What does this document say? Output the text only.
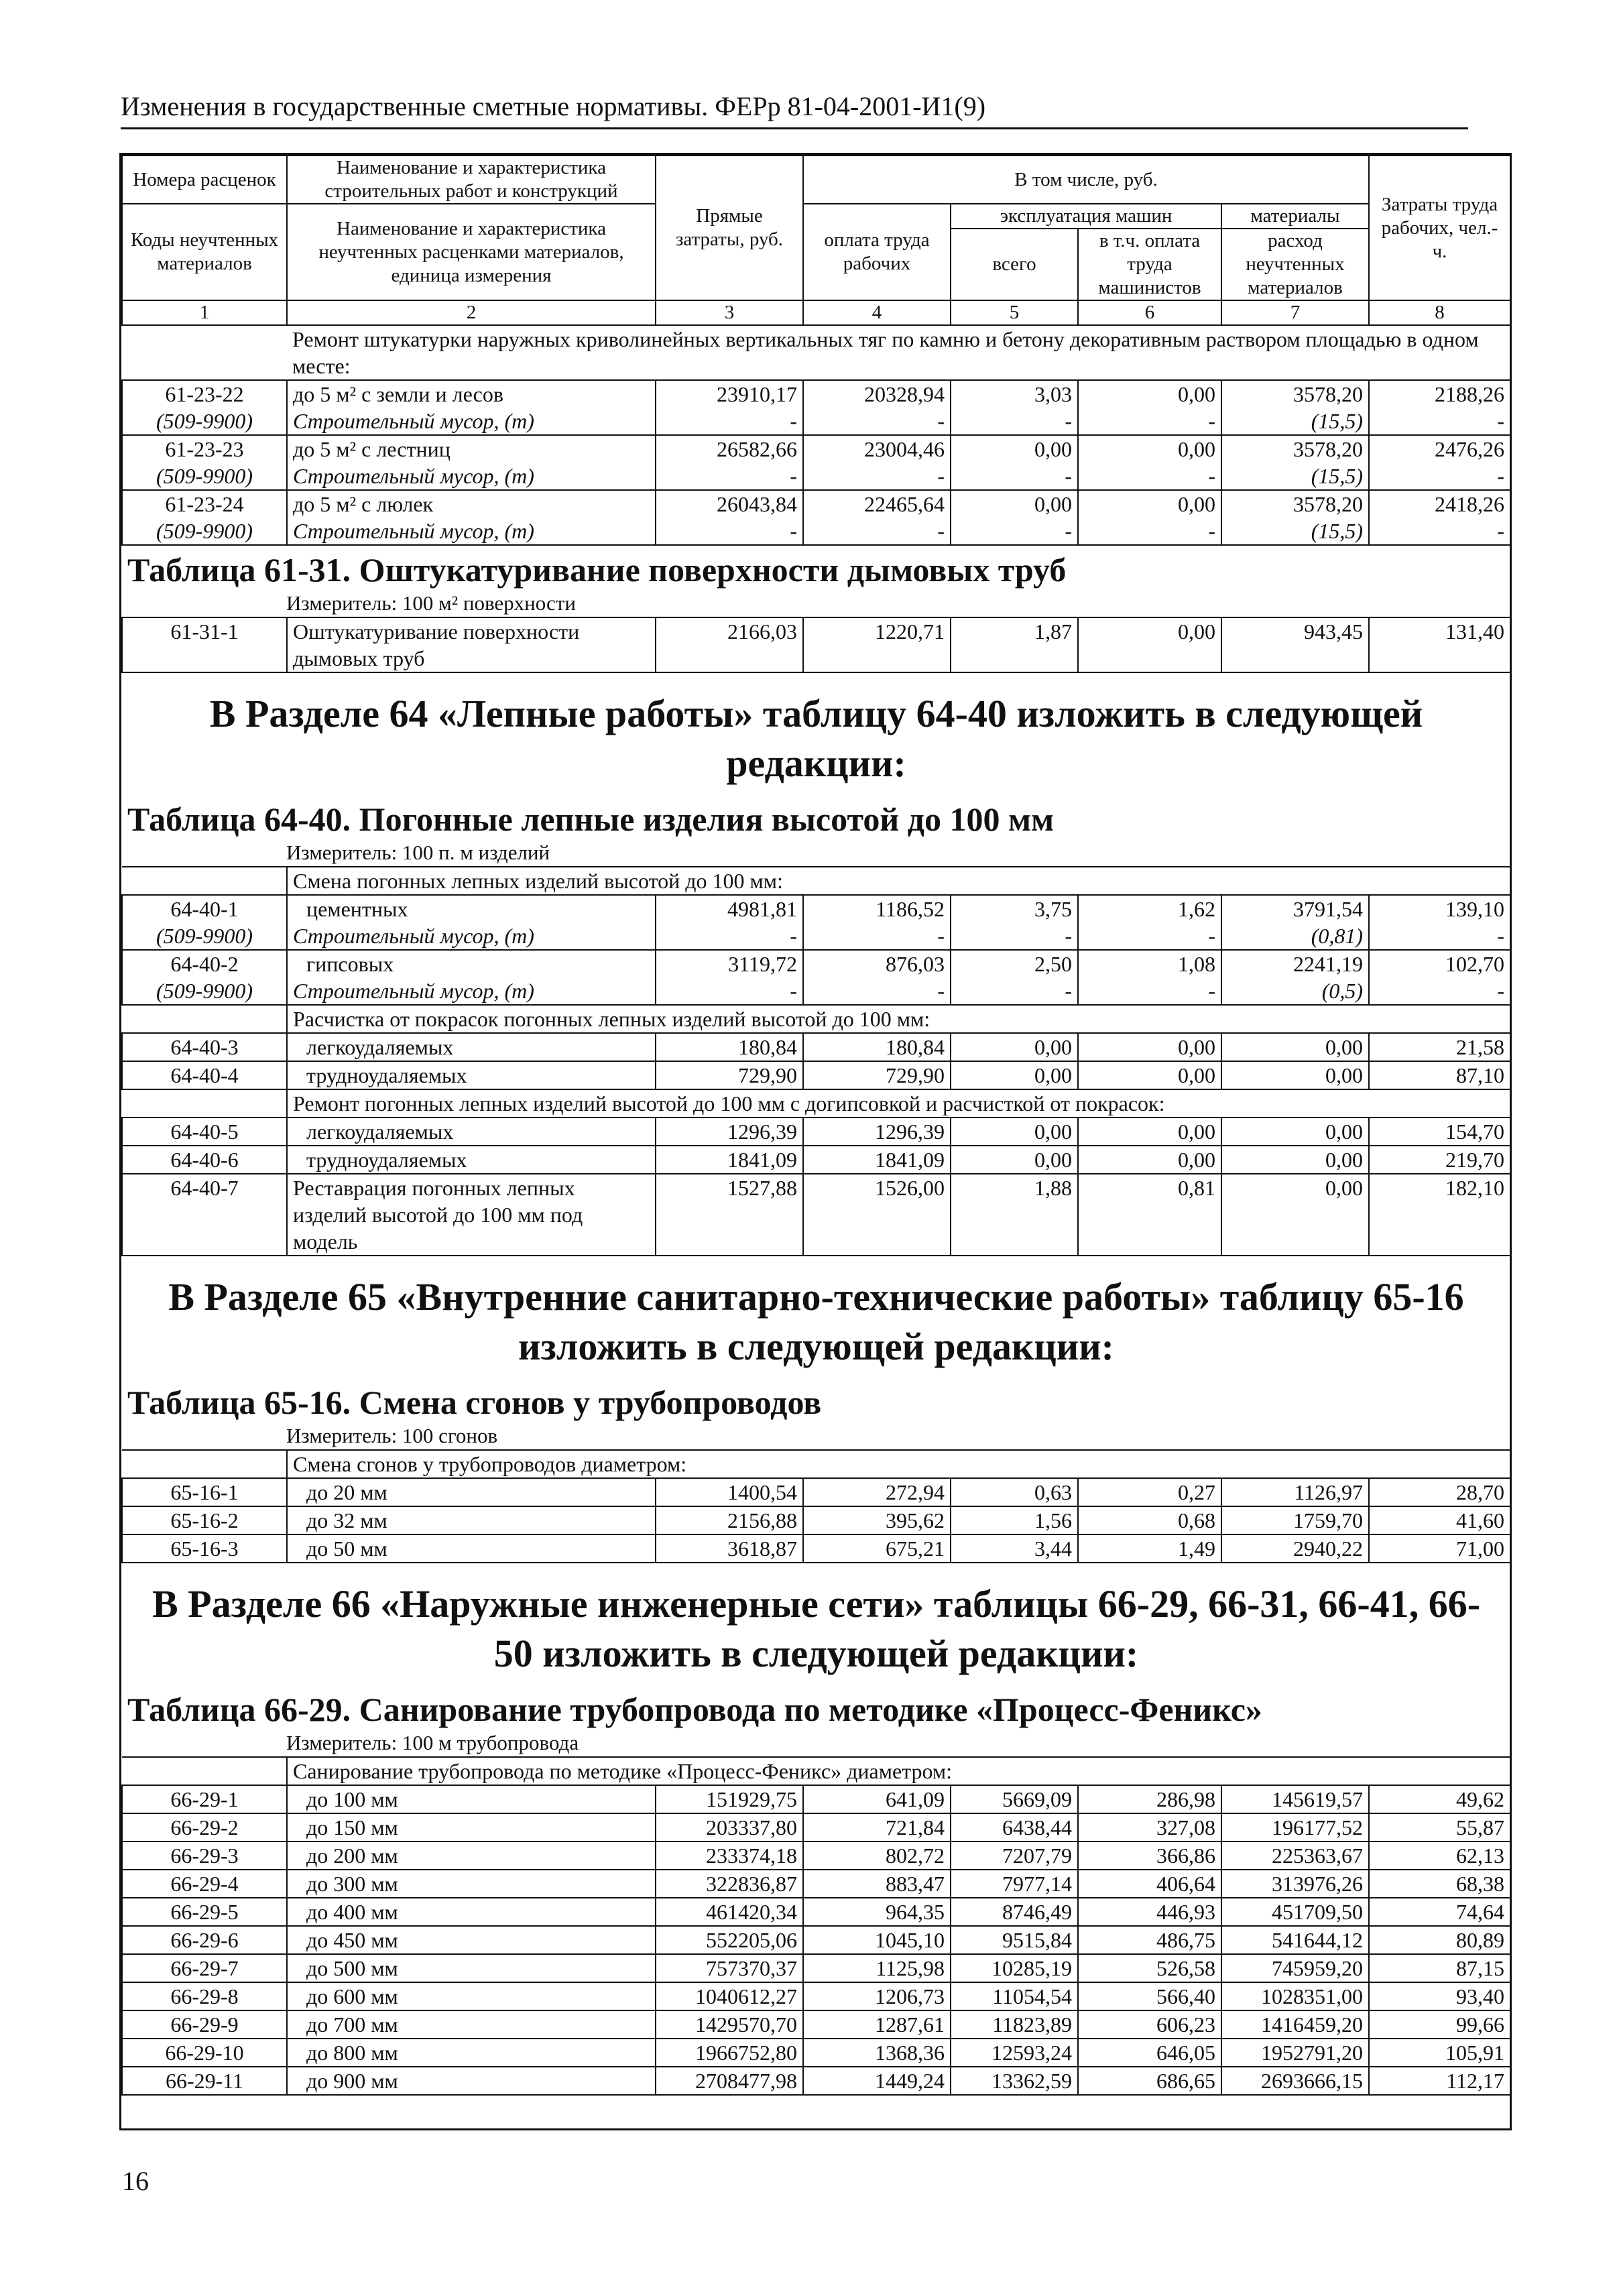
Изменения в государственные сметные нормативы. ФЕРр 81-04-2001-И1(9)
Номера расценок	Наименование и характеристика строительных работ и конструкций	Прямые затраты, руб.	В том числе, руб.				Затраты труда рабочих, чел.-ч.
Коды неучтенных материалов	Наименование и характеристика неучтенных расценками материалов, единица измерения		оплата труда рабочих	эксплуатация машин		материалы	
				всего	в т.ч. оплата труда машинистов	расход неучтенных материалов	
1	2	3	4	5	6	7	8
	Ремонт штукатурки наружных криволинейных вертикальных тяг по камню и бетону декоративным раствором площадью в одном месте:						
61-23-22	до 5 м² с земли и лесов	23910,17	20328,94	3,03	0,00	3578,20	2188,26
(509-9900)	Строительный мусор, (т)	-	-	-	-	(15,5)	-
61-23-23	до 5 м² с лестниц	26582,66	23004,46	0,00	0,00	3578,20	2476,26
(509-9900)	Строительный мусор, (т)	-	-	-	-	(15,5)	-
61-23-24	до 5 м² с люлек	26043,84	22465,64	0,00	0,00	3578,20	2418,26
(509-9900)	Строительный мусор, (т)	-	-	-	-	(15,5)	-
Таблица 61-31. Оштукатуривание поверхности дымовых труб							
Измеритель: 100 м² поверхности							
61-31-1	Оштукатуривание поверхности дымовых труб	2166,03	1220,71	1,87	0,00	943,45	131,40
В Разделе 64 «Лепные работы» таблицу 64-40 изложить в следующей редакции:							
Таблица 64-40. Погонные лепные изделия высотой до 100 мм							
Измеритель: 100 п. м изделий							
	Смена погонных лепных изделий высотой до 100 мм:						
64-40-1	цементных	4981,81	1186,52	3,75	1,62	3791,54	139,10
(509-9900)	Строительный мусор, (т)	-	-	-	-	(0,81)	-
64-40-2	гипсовых	3119,72	876,03	2,50	1,08	2241,19	102,70
(509-9900)	Строительный мусор, (т)	-	-	-	-	(0,5)	-
	Расчистка от покрасок погонных лепных изделий высотой до 100 мм:						
64-40-3	легкоудаляемых	180,84	180,84	0,00	0,00	0,00	21,58
64-40-4	трудноудаляемых	729,90	729,90	0,00	0,00	0,00	87,10
	Ремонт погонных лепных изделий высотой до 100 мм с догипсовкой и расчисткой от покрасок:						
64-40-5	легкоудаляемых	1296,39	1296,39	0,00	0,00	0,00	154,70
64-40-6	трудноудаляемых	1841,09	1841,09	0,00	0,00	0,00	219,70
64-40-7	Реставрация погонных лепных изделий высотой до 100 мм под модель	1527,88	1526,00	1,88	0,81	0,00	182,10
В Разделе 65 «Внутренние санитарно-технические работы» таблицу 65-16 изложить в следующей редакции:							
Таблица 65-16. Смена сгонов у трубопроводов							
Измеритель: 100 сгонов							
	Смена сгонов у трубопроводов диаметром:						
65-16-1	до 20 мм	1400,54	272,94	0,63	0,27	1126,97	28,70
65-16-2	до 32 мм	2156,88	395,62	1,56	0,68	1759,70	41,60
65-16-3	до 50 мм	3618,87	675,21	3,44	1,49	2940,22	71,00
В Разделе 66 «Наружные инженерные сети» таблицы 66-29, 66-31, 66-41, 66-50 изложить в следующей редакции:							
Таблица 66-29. Санирование трубопровода по методике «Процесс-Феникс»							
Измеритель: 100 м трубопровода							
	Санирование трубопровода по методике «Процесс-Феникс» диаметром:						
66-29-1	до 100 мм	151929,75	641,09	5669,09	286,98	145619,57	49,62
66-29-2	до 150 мм	203337,80	721,84	6438,44	327,08	196177,52	55,87
66-29-3	до 200 мм	233374,18	802,72	7207,79	366,86	225363,67	62,13
66-29-4	до 300 мм	322836,87	883,47	7977,14	406,64	313976,26	68,38
66-29-5	до 400 мм	461420,34	964,35	8746,49	446,93	451709,50	74,64
66-29-6	до 450 мм	552205,06	1045,10	9515,84	486,75	541644,12	80,89
66-29-7	до 500 мм	757370,37	1125,98	10285,19	526,58	745959,20	87,15
66-29-8	до 600 мм	1040612,27	1206,73	11054,54	566,40	1028351,00	93,40
66-29-9	до 700 мм	1429570,70	1287,61	11823,89	606,23	1416459,20	99,66
66-29-10	до 800 мм	1966752,80	1368,36	12593,24	646,05	1952791,20	105,91
66-29-11	до 900 мм	2708477,98	1449,24	13362,59	686,65	2693666,15	112,17
16
